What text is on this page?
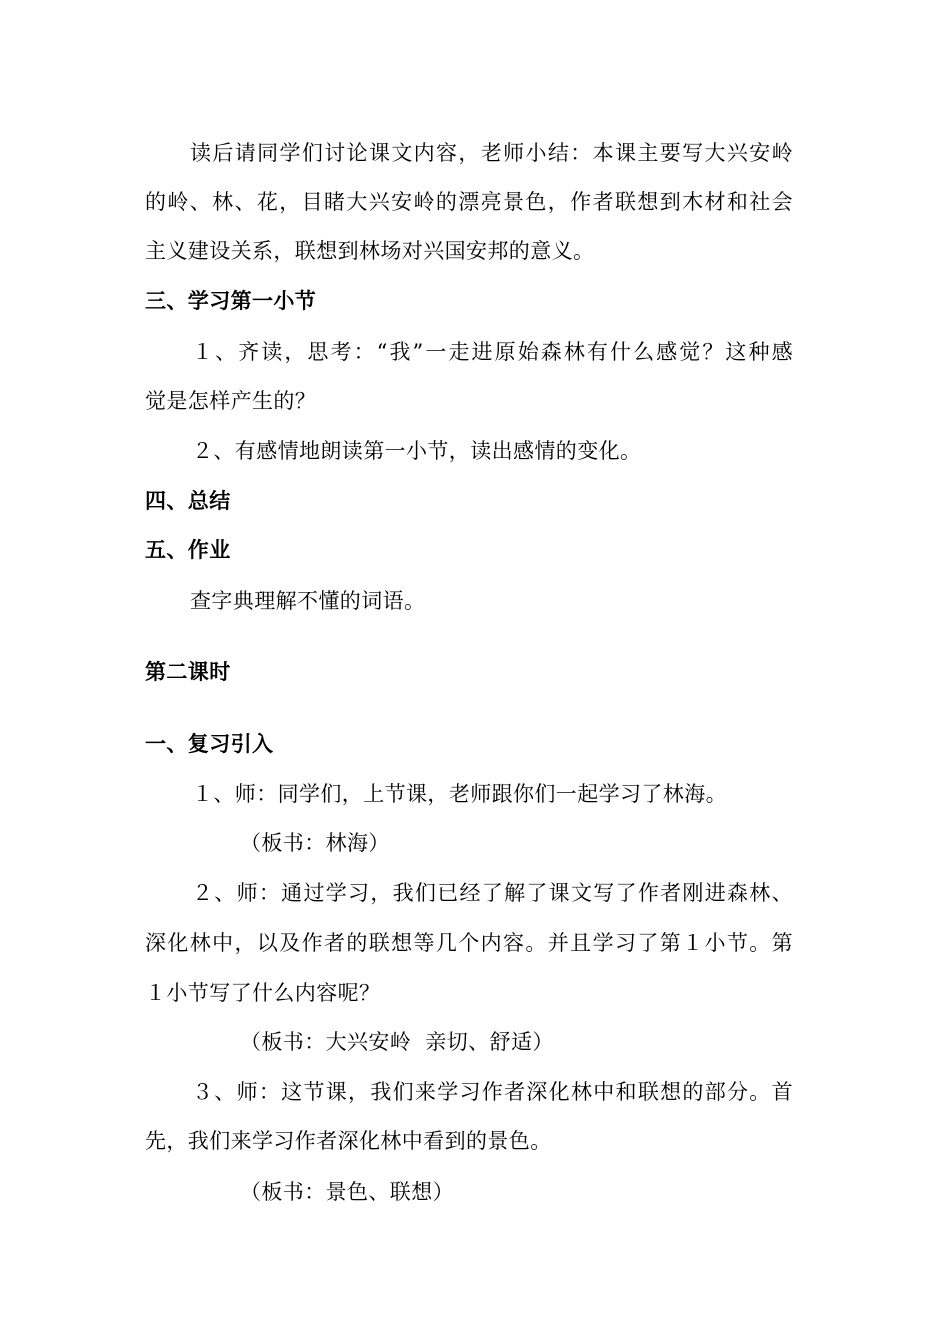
读后请同学们讨论课文内容，老师小结：本课主要写大兴安岭
的岭、林、花，目睹大兴安岭的漂亮景色，作者联想到木材和社会
主义建设关系，联想到林场对兴国安邦的意义。
三、学习第一小节
１、齐读，思考：“我”一走进原始森林有什么感觉？这种感
觉是怎样产生的？
２、有感情地朗读第一小节，读出感情的变化。
四、总结
五、作业
查字典理解不懂的词语。
第二课时
一、复习引入
１、师：同学们，上节课，老师跟你们一起学习了林海。
（板书：林海）
２、师：通过学习，我们已经了解了课文写了作者刚进森林、
深化林中，以及作者的联想等几个内容。并且学习了第１小节。第
１小节写了什么内容呢？
（板书：大兴安岭  亲切、舒适）
３、师：这节课，我们来学习作者深化林中和联想的部分。首
先，我们来学习作者深化林中看到的景色。
（板书：景色、联想）
